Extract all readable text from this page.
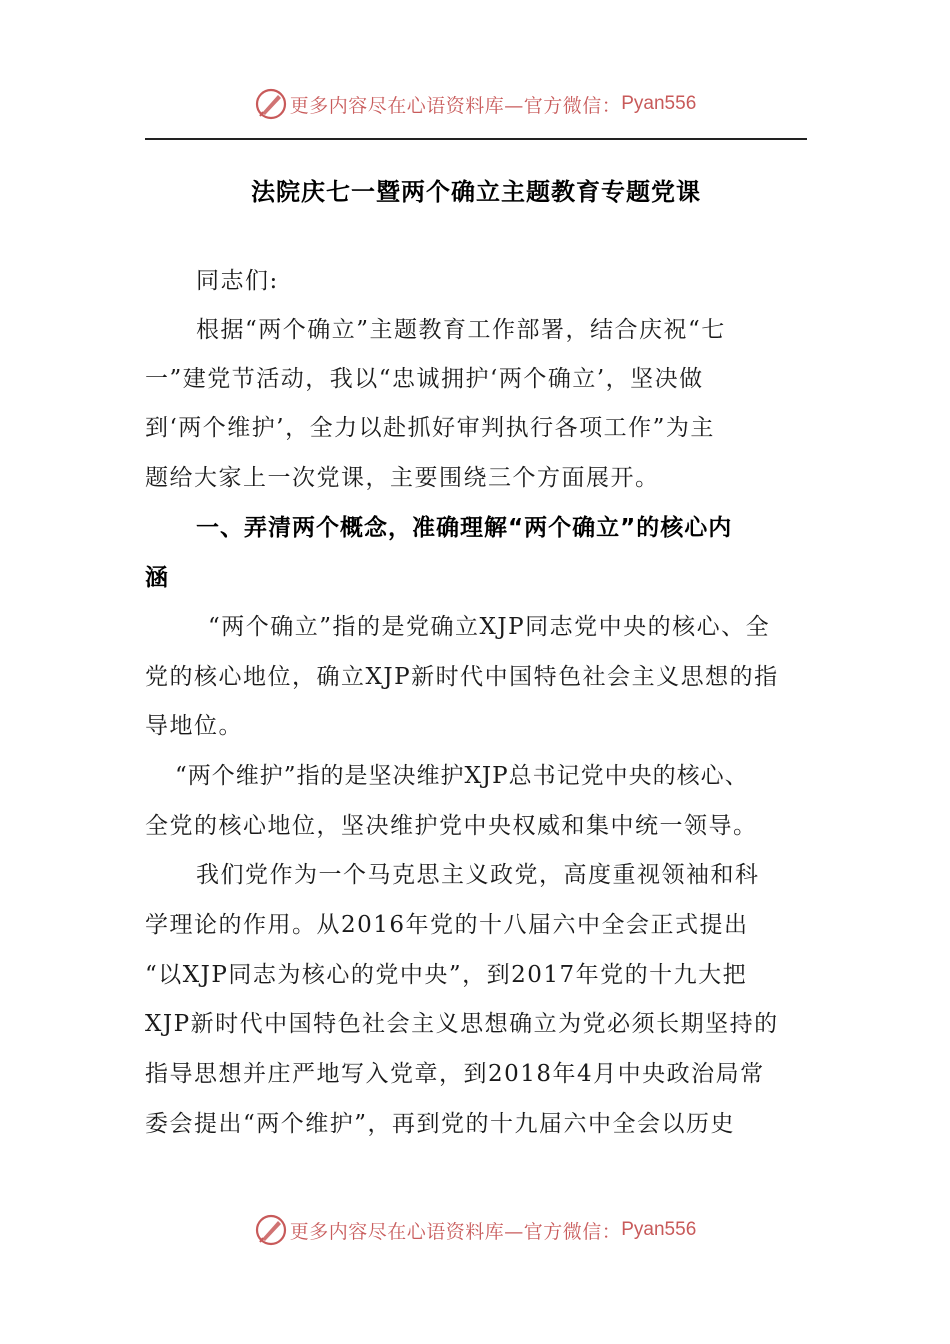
更多内容尽在心语资料库—官方微信： Pyan556
法院庆七一暨两个确立主题教育专题党课
同志们:
根据“两个确立”主题教育工作部署，结合庆祝“七
一”建党节活动，我以“忠诚拥护‘两个确立’，坚决做
到‘两个维护’，全力以赴抓好审判执行各项工作”为主
题给大家上一次党课，主要围绕三个方面展开。
一、弄清两个概念，准确理解“两个确立”的核心内
涵
“两个确立”指的是党确立XJP同志党中央的核心、全
党的核心地位，确立XJP新时代中国特色社会主义思想的指
导地位。
“两个维护”指的是坚决维护XJP总书记党中央的核心、
全党的核心地位，坚决维护党中央权威和集中统一领导。
我们党作为一个马克思主义政党，高度重视领袖和科
学理论的作用。从2016年党的十八届六中全会正式提出
“以XJP同志为核心的党中央”，到2017年党的十九大把
XJP新时代中国特色社会主义思想确立为党必须长期坚持的
指导思想并庄严地写入党章，到2018年4月中央政治局常
委会提出“两个维护”，再到党的十九届六中全会以历史
更多内容尽在心语资料库—官方微信： Pyan556
